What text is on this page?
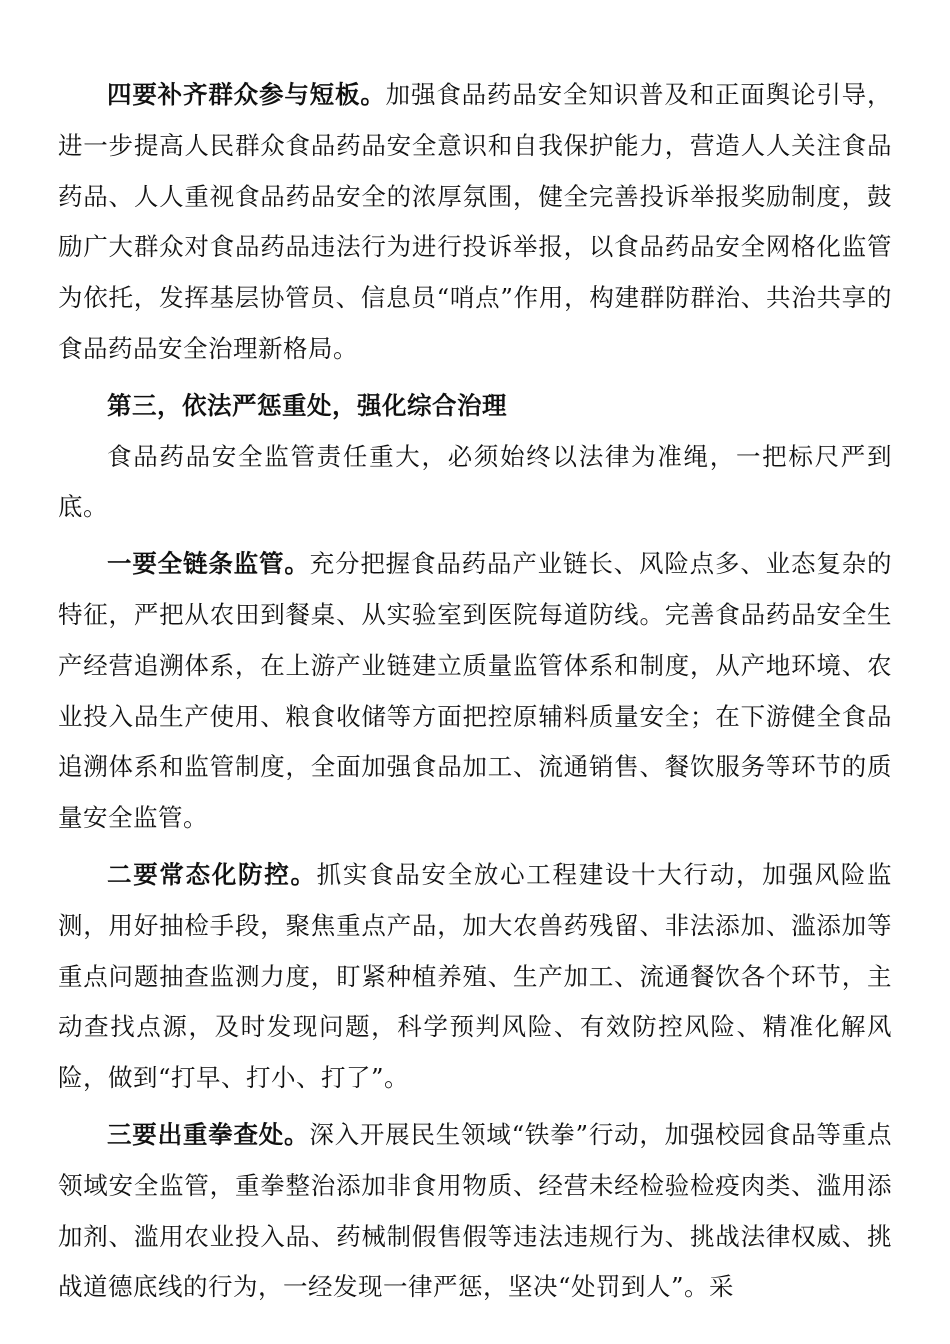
四要补齐群众参与短板。加强食品药品安全知识普及和正面舆论引导，进一步提高人民群众食品药品安全意识和自我保护能力，营造人人关注食品药品、人人重视食品药品安全的浓厚氛围，健全完善投诉举报奖励制度，鼓励广大群众对食品药品违法行为进行投诉举报，以食品药品安全网格化监管为依托，发挥基层协管员、信息员“哨点”作用，构建群防群治、共治共享的食品药品安全治理新格局。

第三，依法严惩重处，强化综合治理

食品药品安全监管责任重大，必须始终以法律为准绳，一把标尺严到底。

一要全链条监管。充分把握食品药品产业链长、风险点多、业态复杂的特征，严把从农田到餐桌、从实验室到医院每道防线。完善食品药品安全生产经营追溯体系，在上游产业链建立质量监管体系和制度，从产地环境、农业投入品生产使用、粮食收储等方面把控原辅料质量安全；在下游健全食品追溯体系和监管制度，全面加强食品加工、流通销售、餐饮服务等环节的质量安全监管。

二要常态化防控。抓实食品安全放心工程建设十大行动，加强风险监测，用好抽检手段，聚焦重点产品，加大农兽药残留、非法添加、滥添加等重点问题抽查监测力度，盯紧种植养殖、生产加工、流通餐饮各个环节，主动查找点源，及时发现问题，科学预判风险、有效防控风险、精准化解风险，做到“打早、打小、打了”。

三要出重拳查处。深入开展民生领域“铁拳”行动，加强校园食品等重点领域安全监管，重拳整治添加非食用物质、经营未经检验检疫肉类、滥用添加剂、滥用农业投入品、药械制假售假等违法违规行为、挑战法律权威、挑战道德底线的行为，一经发现一律严惩，坚决“处罚到人”。采
